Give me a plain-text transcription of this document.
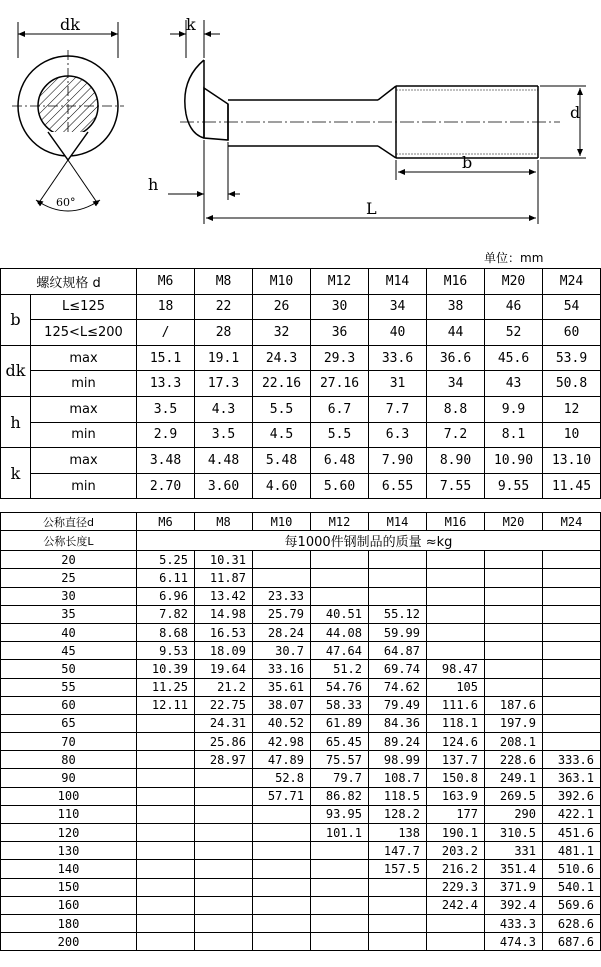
dk	k
d
b
h
L
60°
单位：mm
螺纹规格 d		M6	M8	M10	M12	M14	M16	M20	M24
b	L≤125	18	22	26	30	34	38	46	54
	125<L≤200	/	28	32	36	40	44	52	60
dk	max	15.1	19.1	24.3	29.3	33.6	36.6	45.6	53.9
	min	13.3	17.3	22.16	27.16	31	34	43	50.8
h	max	3.5	4.3	5.5	6.7	7.7	8.8	9.9	12
	min	2.9	3.5	4.5	5.5	6.3	7.2	8.1	10
k	max	3.48	4.48	5.48	6.48	7.90	8.90	10.90	13.10
	min	2.70	3.60	4.60	5.60	6.55	7.55	9.55	11.45
公称直径d	M6	M8	M10	M12	M14	M16	M20	M24
公称长度L	每1000件钢制品的质量 ≈kg							
20	5.25	10.31						
25	6.11	11.87						
30	6.96	13.42	23.33					
35	7.82	14.98	25.79	40.51	55.12			
40	8.68	16.53	28.24	44.08	59.99			
45	9.53	18.09	30.7	47.64	64.87			
50	10.39	19.64	33.16	51.2	69.74	98.47		
55	11.25	21.2	35.61	54.76	74.62	105		
60	12.11	22.75	38.07	58.33	79.49	111.6	187.6	
65		24.31	40.52	61.89	84.36	118.1	197.9	
70		25.86	42.98	65.45	89.24	124.6	208.1	
80		28.97	47.89	75.57	98.99	137.7	228.6	333.6
90			52.8	79.7	108.7	150.8	249.1	363.1
100			57.71	86.82	118.5	163.9	269.5	392.6
110				93.95	128.2	177	290	422.1
120				101.1	138	190.1	310.5	451.6
130					147.7	203.2	331	481.1
140					157.5	216.2	351.4	510.6
150						229.3	371.9	540.1
160						242.4	392.4	569.6
180							433.3	628.6
200							474.3	687.6
